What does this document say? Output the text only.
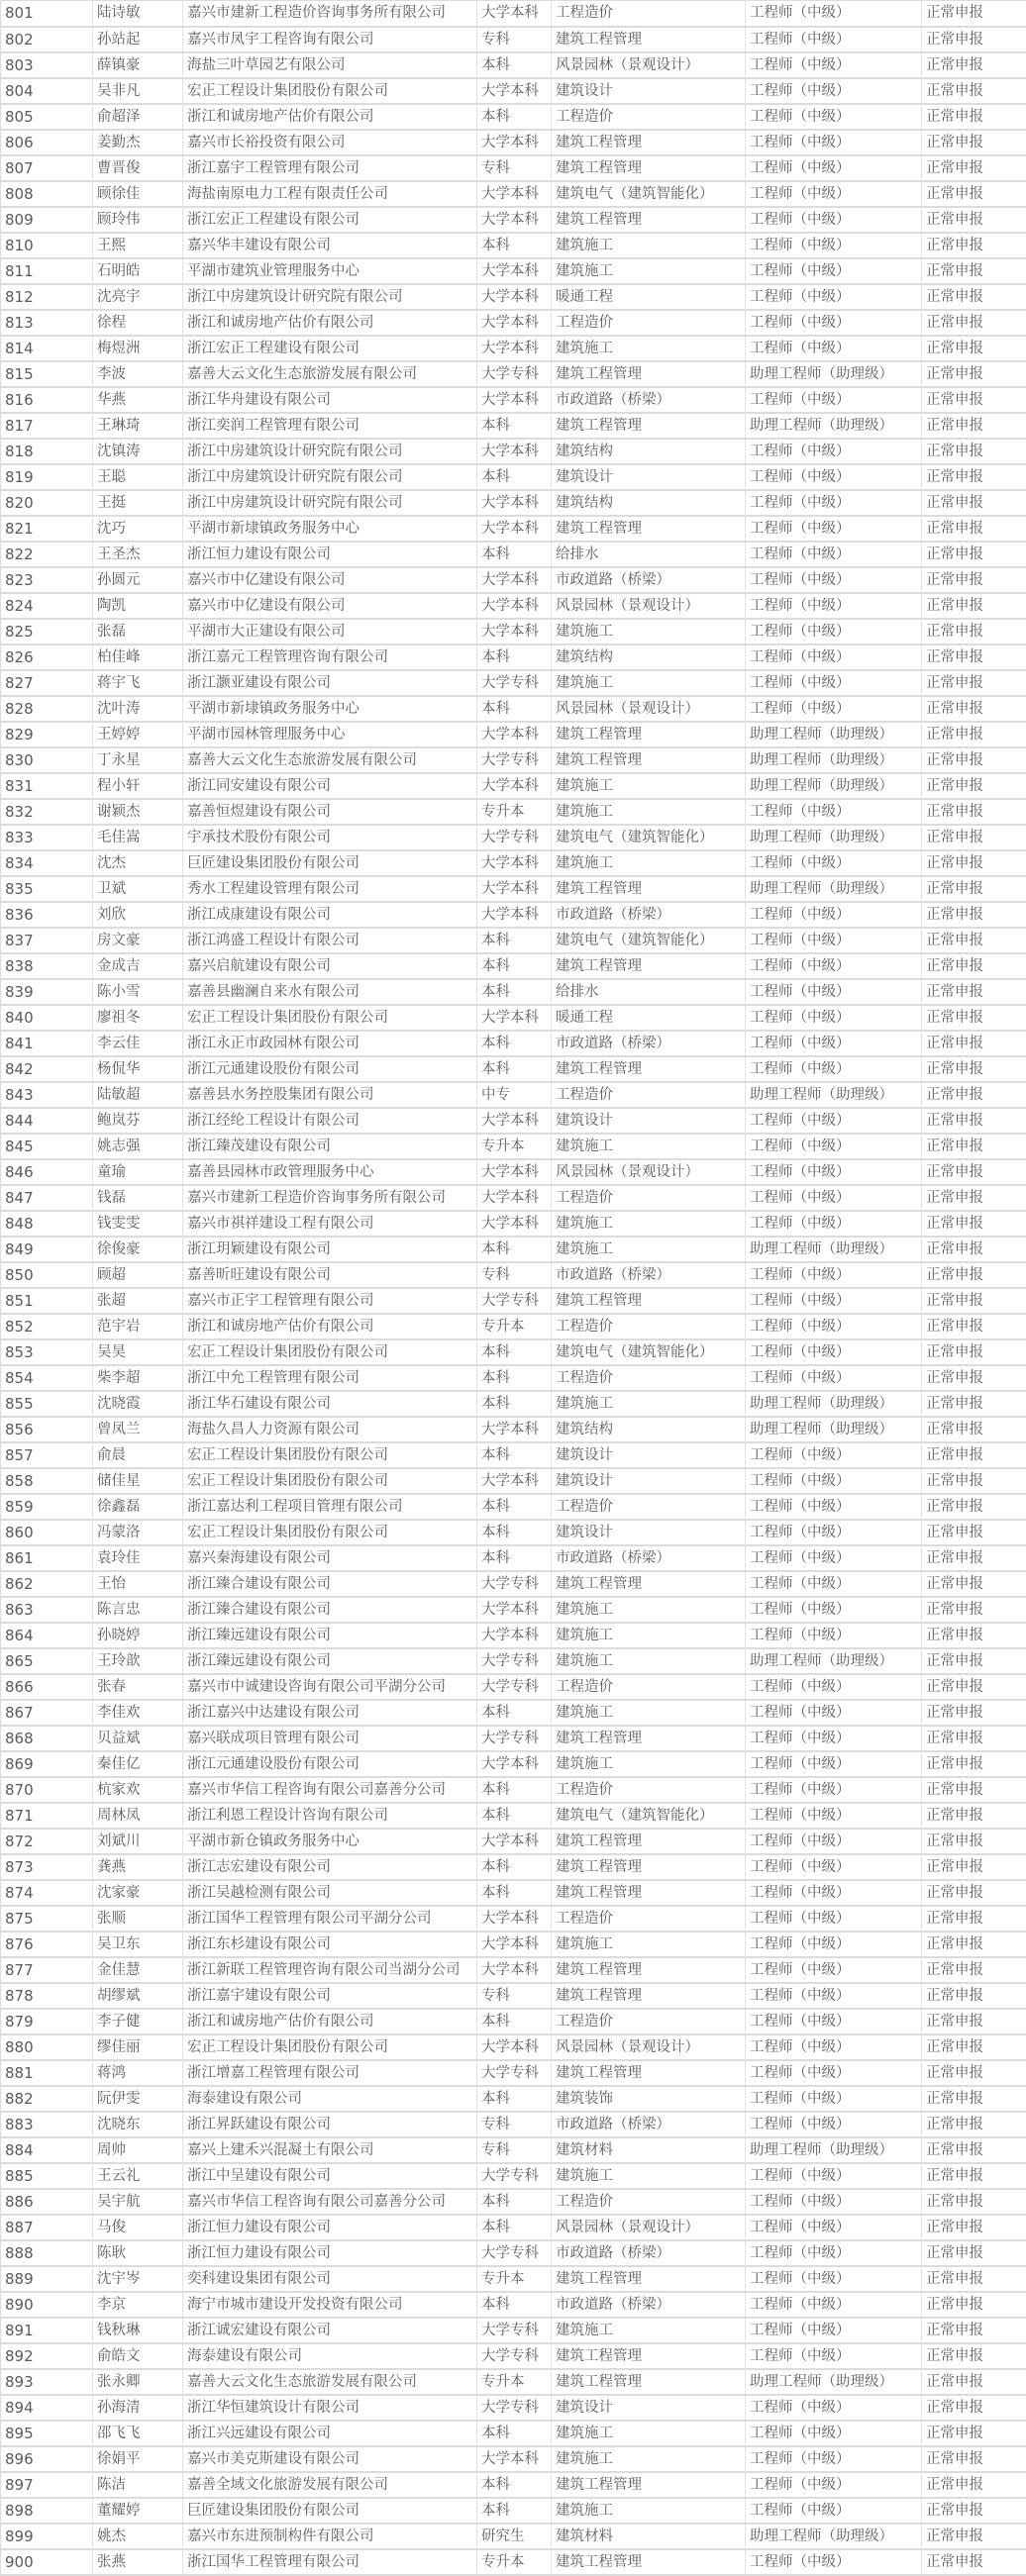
801	陆诗敏	嘉兴市建新工程造价咨询事务所有限公司	大学本科	工程造价	工程师（中级）	正常申报
802	孙站起	嘉兴市凤宇工程咨询有限公司	专科	建筑工程管理	工程师（中级）	正常申报
803	薛镇豪	海盐三叶草园艺有限公司	本科	风景园林（景观设计）	工程师（中级）	正常申报
804	吴非凡	宏正工程设计集团股份有限公司	大学本科	建筑设计	工程师（中级）	正常申报
805	俞超泽	浙江和诚房地产估价有限公司	本科	工程造价	工程师（中级）	正常申报
806	姜勤杰	嘉兴市长裕投资有限公司	大学本科	建筑工程管理	工程师（中级）	正常申报
807	曹晋俊	浙江嘉宇工程管理有限公司	专科	建筑工程管理	工程师（中级）	正常申报
808	顾徐佳	海盐南原电力工程有限责任公司	大学本科	建筑电气（建筑智能化）	工程师（中级）	正常申报
809	顾玲伟	浙江宏正工程建设有限公司	大学本科	建筑工程管理	工程师（中级）	正常申报
810	王熙	嘉兴华丰建设有限公司	本科	建筑施工	工程师（中级）	正常申报
811	石明皓	平湖市建筑业管理服务中心	大学本科	建筑施工	工程师（中级）	正常申报
812	沈亮宇	浙江中房建筑设计研究院有限公司	大学本科	暖通工程	工程师（中级）	正常申报
813	徐程	浙江和诚房地产估价有限公司	大学本科	工程造价	工程师（中级）	正常申报
814	梅煜洲	浙江宏正工程建设有限公司	大学本科	建筑施工	工程师（中级）	正常申报
815	李波	嘉善大云文化生态旅游发展有限公司	大学专科	建筑工程管理	助理工程师（助理级）	正常申报
816	华燕	浙江华舟建设有限公司	大学本科	市政道路（桥梁）	工程师（中级）	正常申报
817	王琳琦	浙江奕润工程管理有限公司	本科	建筑工程管理	助理工程师（助理级）	正常申报
818	沈镇涛	浙江中房建筑设计研究院有限公司	大学本科	建筑结构	工程师（中级）	正常申报
819	王聪	浙江中房建筑设计研究院有限公司	本科	建筑设计	工程师（中级）	正常申报
820	王挺	浙江中房建筑设计研究院有限公司	大学本科	建筑结构	工程师（中级）	正常申报
821	沈巧	平湖市新埭镇政务服务中心	大学本科	建筑工程管理	工程师（中级）	正常申报
822	王圣杰	浙江恒力建设有限公司	本科	给排水	工程师（中级）	正常申报
823	孙圆元	嘉兴市中亿建设有限公司	大学本科	市政道路（桥梁）	工程师（中级）	正常申报
824	陶凯	嘉兴市中亿建设有限公司	大学本科	风景园林（景观设计）	工程师（中级）	正常申报
825	张磊	平湖市大正建设有限公司	大学本科	建筑施工	工程师（中级）	正常申报
826	柏佳峰	浙江嘉元工程管理咨询有限公司	本科	建筑结构	工程师（中级）	正常申报
827	蒋宇飞	浙江灏亚建设有限公司	大学专科	建筑施工	工程师（中级）	正常申报
828	沈叶涛	平湖市新埭镇政务服务中心	本科	风景园林（景观设计）	工程师（中级）	正常申报
829	王婷婷	平湖市园林管理服务中心	大学本科	建筑工程管理	助理工程师（助理级）	正常申报
830	丁永星	嘉善大云文化生态旅游发展有限公司	大学专科	建筑工程管理	助理工程师（助理级）	正常申报
831	程小轩	浙江同安建设有限公司	大学本科	建筑施工	助理工程师（助理级）	正常申报
832	谢颖杰	嘉善恒煜建设有限公司	专升本	建筑施工	工程师（中级）	正常申报
833	毛佳嵩	宇承技术股份有限公司	大学专科	建筑电气（建筑智能化）	助理工程师（助理级）	正常申报
834	沈杰	巨匠建设集团股份有限公司	大学本科	建筑施工	工程师（中级）	正常申报
835	卫斌	秀水工程建设管理有限公司	大学本科	建筑工程管理	助理工程师（助理级）	正常申报
836	刘欣	浙江成康建设有限公司	大学本科	市政道路（桥梁）	工程师（中级）	正常申报
837	房文豪	浙江鸿盛工程设计有限公司	本科	建筑电气（建筑智能化）	工程师（中级）	正常申报
838	金成吉	嘉兴启航建设有限公司	本科	建筑工程管理	工程师（中级）	正常申报
839	陈小雪	嘉善县幽澜自来水有限公司	本科	给排水	工程师（中级）	正常申报
840	廖祖冬	宏正工程设计集团股份有限公司	大学本科	暖通工程	工程师（中级）	正常申报
841	李云佳	浙江永正市政园林有限公司	本科	市政道路（桥梁）	工程师（中级）	正常申报
842	杨侃华	浙江元通建设股份有限公司	本科	建筑工程管理	工程师（中级）	正常申报
843	陆敏超	嘉善县水务控股集团有限公司	中专	工程造价	助理工程师（助理级）	正常申报
844	鲍岚芬	浙江经纶工程设计有限公司	大学本科	建筑设计	工程师（中级）	正常申报
845	姚志强	浙江臻茂建设有限公司	专升本	建筑施工	工程师（中级）	正常申报
846	童瑜	嘉善县园林市政管理服务中心	大学本科	风景园林（景观设计）	工程师（中级）	正常申报
847	钱磊	嘉兴市建新工程造价咨询事务所有限公司	大学本科	工程造价	工程师（中级）	正常申报
848	钱雯雯	嘉兴市祺祥建设工程有限公司	大学本科	建筑施工	工程师（中级）	正常申报
849	徐俊豪	浙江玥颖建设有限公司	本科	建筑施工	助理工程师（助理级）	正常申报
850	顾超	嘉善昕旺建设有限公司	专科	市政道路（桥梁）	工程师（中级）	正常申报
851	张超	嘉兴市正宇工程管理有限公司	大学专科	建筑工程管理	工程师（中级）	正常申报
852	范宇岩	浙江和诚房地产估价有限公司	专升本	工程造价	工程师（中级）	正常申报
853	吴昊	宏正工程设计集团股份有限公司	本科	建筑电气（建筑智能化）	工程师（中级）	正常申报
854	柴李超	浙江中允工程管理有限公司	本科	工程造价	工程师（中级）	正常申报
855	沈晓霞	浙江华石建设有限公司	本科	建筑施工	助理工程师（助理级）	正常申报
856	曾凤兰	海盐久昌人力资源有限公司	大学本科	建筑结构	助理工程师（助理级）	正常申报
857	俞晨	宏正工程设计集团股份有限公司	本科	建筑设计	工程师（中级）	正常申报
858	储佳星	宏正工程设计集团股份有限公司	大学本科	建筑设计	工程师（中级）	正常申报
859	徐鑫磊	浙江嘉达利工程项目管理有限公司	本科	工程造价	工程师（中级）	正常申报
860	冯蒙洛	宏正工程设计集团股份有限公司	本科	建筑设计	工程师（中级）	正常申报
861	袁玲佳	嘉兴秦海建设有限公司	本科	市政道路（桥梁）	工程师（中级）	正常申报
862	王怡	浙江臻合建设有限公司	大学专科	建筑工程管理	工程师（中级）	正常申报
863	陈言忠	浙江臻合建设有限公司	大学本科	建筑施工	工程师（中级）	正常申报
864	孙晓婷	浙江臻远建设有限公司	大学本科	建筑施工	工程师（中级）	正常申报
865	王玲歆	浙江臻远建设有限公司	大学专科	建筑施工	助理工程师（助理级）	正常申报
866	张春	嘉兴市中诚建设咨询有限公司平湖分公司	大学专科	工程造价	工程师（中级）	正常申报
867	李佳欢	浙江嘉兴中达建设有限公司	本科	建筑施工	工程师（中级）	正常申报
868	贝益斌	嘉兴联成项目管理有限公司	大学专科	建筑工程管理	工程师（中级）	正常申报
869	秦佳亿	浙江元通建设股份有限公司	大学本科	建筑施工	工程师（中级）	正常申报
870	杭家欢	嘉兴市华信工程咨询有限公司嘉善分公司	本科	工程造价	工程师（中级）	正常申报
871	周林凤	浙江利恩工程设计咨询有限公司	本科	建筑电气（建筑智能化）	工程师（中级）	正常申报
872	刘斌川	平湖市新仓镇政务服务中心	大学本科	建筑工程管理	工程师（中级）	正常申报
873	龚燕	浙江志宏建设有限公司	本科	建筑工程管理	工程师（中级）	正常申报
874	沈家豪	浙江吴越检测有限公司	本科	建筑工程管理	工程师（中级）	正常申报
875	张顺	浙江国华工程管理有限公司平湖分公司	大学本科	工程造价	工程师（中级）	正常申报
876	吴卫东	浙江东杉建设有限公司	大学本科	建筑施工	工程师（中级）	正常申报
877	金佳慧	浙江新联工程管理咨询有限公司当湖分公司	大学本科	建筑工程管理	工程师（中级）	正常申报
878	胡缪斌	浙江嘉宇建设有限公司	专科	建筑工程管理	工程师（中级）	正常申报
879	李子健	浙江和诚房地产估价有限公司	本科	工程造价	工程师（中级）	正常申报
880	缪佳丽	宏正工程设计集团股份有限公司	大学本科	风景园林（景观设计）	工程师（中级）	正常申报
881	蒋鸿	浙江增嘉工程管理有限公司	大学专科	建筑工程管理	工程师（中级）	正常申报
882	阮伊雯	海泰建设有限公司	本科	建筑装饰	工程师（中级）	正常申报
883	沈晓东	浙江昇跃建设有限公司	专科	市政道路（桥梁）	工程师（中级）	正常申报
884	周帅	嘉兴上建禾兴混凝土有限公司	专科	建筑材料	助理工程师（助理级）	正常申报
885	王云礼	浙江中呈建设有限公司	大学专科	建筑施工	工程师（中级）	正常申报
886	吴宇航	嘉兴市华信工程咨询有限公司嘉善分公司	本科	工程造价	工程师（中级）	正常申报
887	马俊	浙江恒力建设有限公司	本科	风景园林（景观设计）	工程师（中级）	正常申报
888	陈耿	浙江恒力建设有限公司	大学专科	市政道路（桥梁）	工程师（中级）	正常申报
889	沈宇岑	奕科建设集团有限公司	专升本	建筑工程管理	工程师（中级）	正常申报
890	李京	海宁市城市建设开发投资有限公司	本科	市政道路（桥梁）	工程师（中级）	正常申报
891	钱秋琳	浙江诚宏建设有限公司	大学专科	建筑施工	工程师（中级）	正常申报
892	俞皓文	海泰建设有限公司	大学专科	建筑工程管理	工程师（中级）	正常申报
893	张永卿	嘉善大云文化生态旅游发展有限公司	专升本	建筑工程管理	助理工程师（助理级）	正常申报
894	孙海清	浙江华恒建筑设计有限公司	大学专科	建筑设计	工程师（中级）	正常申报
895	邵飞飞	浙江兴远建设有限公司	本科	建筑施工	工程师（中级）	正常申报
896	徐娟平	嘉兴市美克斯建设有限公司	大学本科	建筑施工	工程师（中级）	正常申报
897	陈洁	嘉善全域文化旅游发展有限公司	本科	建筑工程管理	工程师（中级）	正常申报
898	董耀婷	巨匠建设集团股份有限公司	本科	建筑施工	工程师（中级）	正常申报
899	姚杰	嘉兴市东进预制构件有限公司	研究生	建筑材料	助理工程师（助理级）	正常申报
900	张燕	浙江国华工程管理有限公司	专升本	建筑工程管理	工程师（中级）	正常申报
